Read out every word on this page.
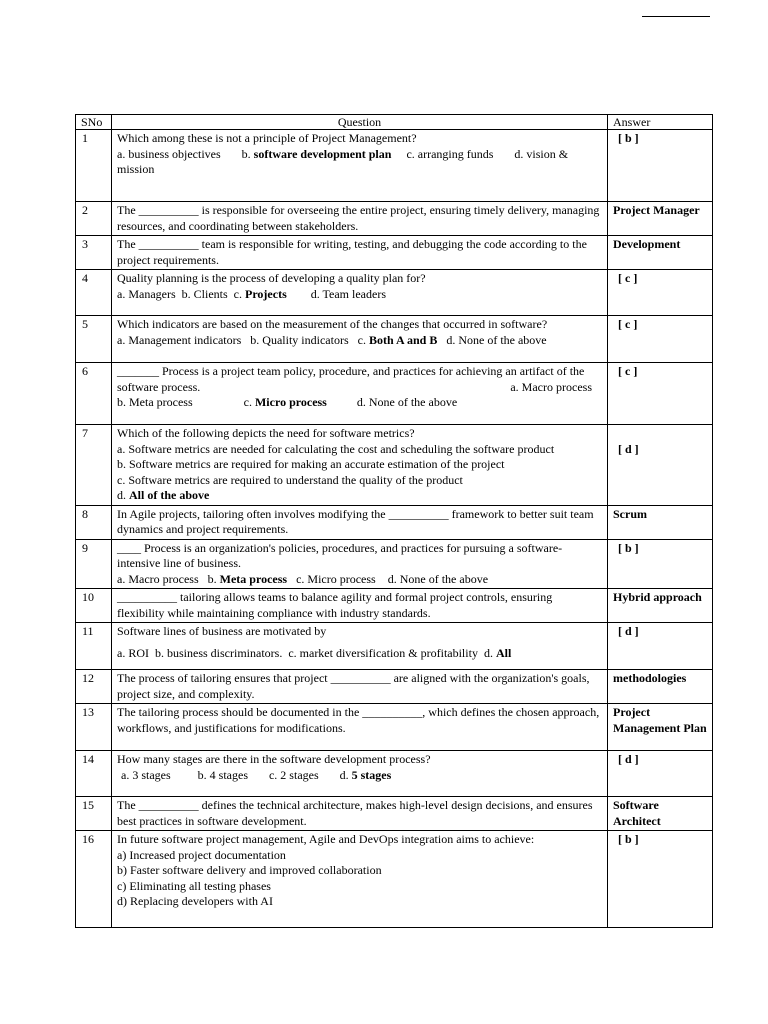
SNo	Question	Answer
1	Which among these is not a principle of Project Management?
a. business objectives b. software development plan c. arranging funds d. vision & mission	[ b ]
2	The __________ is responsible for overseeing the entire project, ensuring timely delivery, managing resources, and coordinating between stakeholders.	Project Manager
3	The __________ team is responsible for writing, testing, and debugging the code according to the project requirements.	Development
4	Quality planning is the process of developing a quality plan for?
a. Managers b. Clients c. Projects d. Team leaders	[ c ]
5	Which indicators are based on the measurement of the changes that occurred in software?
a. Management indicators b. Quality indicators c. Both A and B d. None of the above	[ c ]
6	_______ Process is a project team policy, procedure, and practices for achieving an artifact of the software process. a. Macro process

b. Meta process c. Micro process d. None of the above	[ c ]
7	Which of the following depicts the need for software metrics?
a. Software metrics are needed for calculating the cost and scheduling the software product
b. Software metrics are required for making an accurate estimation of the project
c. Software metrics are required to understand the quality of the product
d. All of the above	[ d ]
8	In Agile projects, tailoring often involves modifying the __________ framework to better suit team dynamics and project requirements.	Scrum
9	____ Process is an organization's policies, procedures, and practices for pursuing a software-intensive line of business.
a. Macro process b. Meta process c. Micro process d. None of the above	[ b ]
10	__________ tailoring allows teams to balance agility and formal project controls, ensuring flexibility while maintaining compliance with industry standards.	Hybrid approach
11	Software lines of business are motivated by
a. ROI b. business discriminators. c. market diversification & profitability d. All	[ d ]
12	The process of tailoring ensures that project __________ are aligned with the organization's goals, project size, and complexity.	methodologies
13	The tailoring process should be documented in the __________, which defines the chosen approach, workflows, and justifications for modifications.	Project Management Plan
14	How many stages are there in the software development process?
a. 3 stages b. 4 stages c. 2 stages d. 5 stages	[ d ]
15	The __________ defines the technical architecture, makes high-level design decisions, and ensures best practices in software development.	Software Architect
16	In future software project management, Agile and DevOps integration aims to achieve:
a) Increased project documentation
b) Faster software delivery and improved collaboration
c) Eliminating all testing phases
d) Replacing developers with AI	[ b ]
